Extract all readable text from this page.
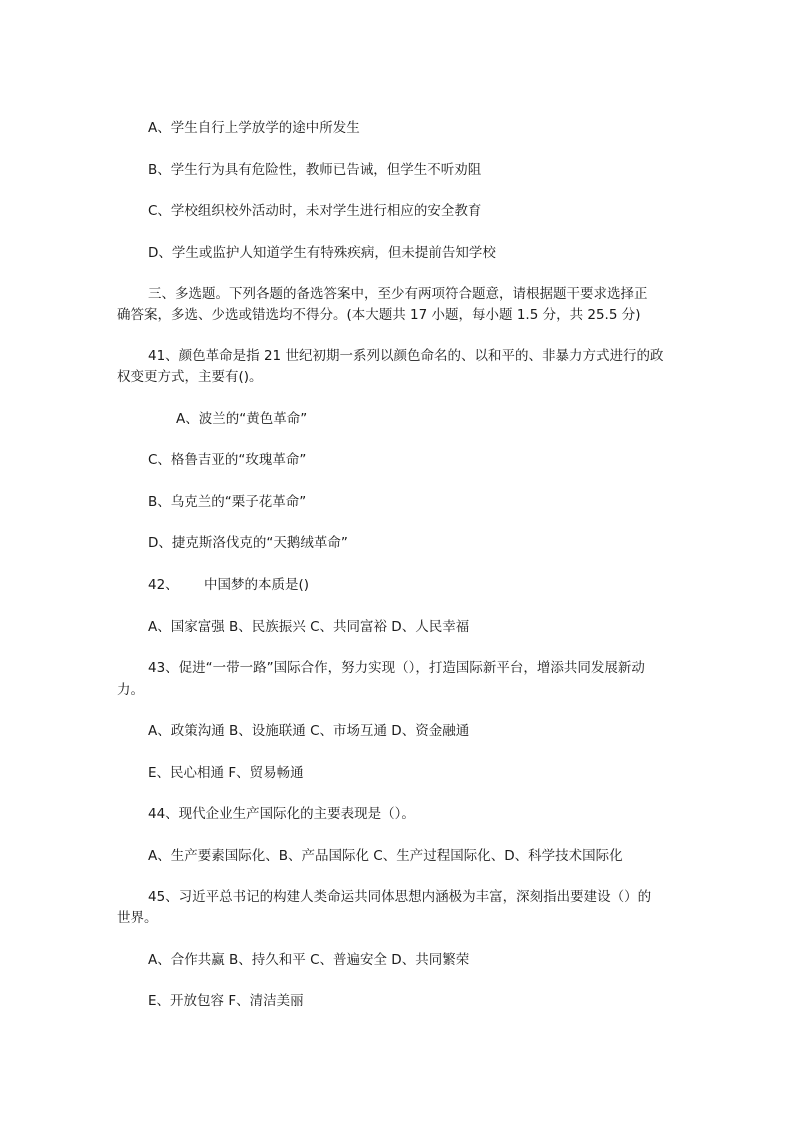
A、学生自行上学放学的途中所发生
B、学生行为具有危险性，教师已告诫，但学生不听劝阻
C、学校组织校外活动时，未对学生进行相应的安全教育
D、学生或监护人知道学生有特殊疾病，但未提前告知学校
三、多选题。下列各题的备选答案中，至少有两项符合题意，请根据题干要求选择正
确答案，多选、少选或错选均不得分。(本大题共 17 小题，每小题 1.5 分，共 25.5 分)
41、颜色革命是指 21 世纪初期一系列以颜色命名的、以和平的、非暴力方式进行的政
权变更方式，主要有()。
A、波兰的“黄色革命”
C、格鲁吉亚的“玫瑰革命”
B、乌克兰的“栗子花革命”
D、捷克斯洛伐克的“天鹅绒革命”
42、 中国梦的本质是()
A、国家富强 B、民族振兴 C、共同富裕 D、人民幸福
43、促进“一带一路”国际合作，努力实现（），打造国际新平台，增添共同发展新动
力。
A、政策沟通 B、设施联通 C、市场互通 D、资金融通
E、民心相通 F、贸易畅通
44、现代企业生产国际化的主要表现是（）。
A、生产要素国际化、B、产品国际化 C、生产过程国际化、D、科学技术国际化
45、习近平总书记的构建人类命运共同体思想内涵极为丰富，深刻指出要建设（）的
世界。
A、合作共赢 B、持久和平 C、普遍安全 D、共同繁荣
E、开放包容 F、清洁美丽
